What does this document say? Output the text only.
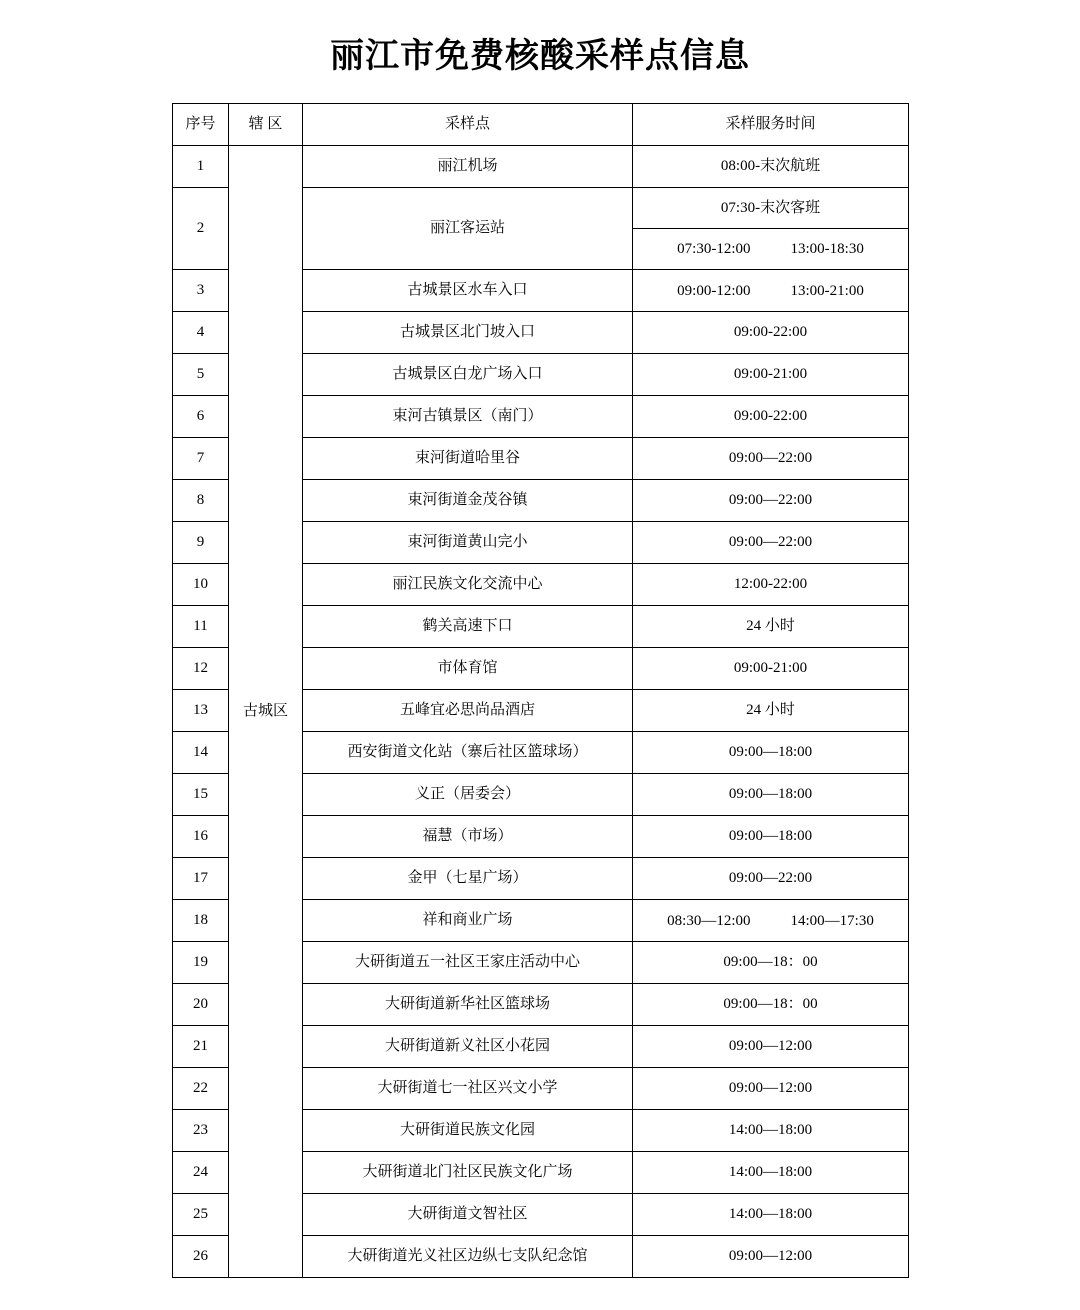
丽江市免费核酸采样点信息
序号	辖 区	采样点	采样服务时间
1	古城区	丽江机场	08:00-末次航班
2		丽江客运站	07:30-末次客班
07:30-12:00 13:00-18:30

3		古城景区水车入口	09:00-12:00 13:00-21:00

4		古城景区北门坡入口	09:00-22:00
5		古城景区白龙广场入口	09:00-21:00
6		束河古镇景区（南门）	09:00-22:00
7		束河街道哈里谷	09:00—22:00
8		束河街道金茂谷镇	09:00—22:00
9		束河街道黄山完小	09:00—22:00
10		丽江民族文化交流中心	12:00-22:00
11		鹤关高速下口	24 小时
12		市体育馆	09:00-21:00
13		五峰宜必思尚品酒店	24 小时
14		西安街道文化站（寨后社区篮球场）	09:00—18:00
15		义正（居委会）	09:00—18:00
16		福慧（市场）	09:00—18:00
17		金甲（七星广场）	09:00—22:00
18		祥和商业广场	08:30—12:00 14:00—17:30

19		大研街道五一社区王家庄活动中心	09:00—18：00
20		大研街道新华社区篮球场	09:00—18：00
21		大研街道新义社区小花园	09:00—12:00
22		大研街道七一社区兴文小学	09:00—12:00
23		大研街道民族文化园	14:00—18:00
24		大研街道北门社区民族文化广场	14:00—18:00
25		大研街道文智社区	14:00—18:00
26		大研街道光义社区边纵七支队纪念馆	09:00—12:00
